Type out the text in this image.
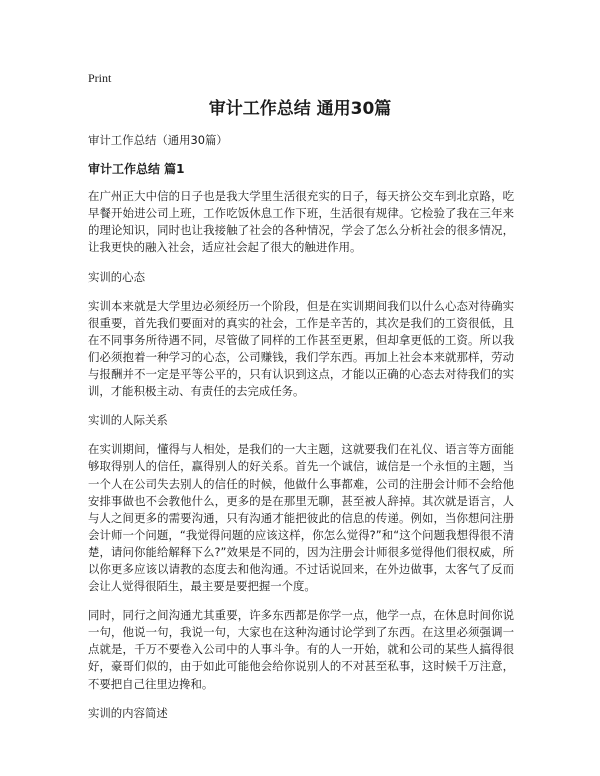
Print
审计工作总结 通用30篇

审计工作总结（通用30篇）

审计工作总结 篇1

在广州正大中信的日子也是我大学里生活很充实的日子，每天挤公交车到北京路，吃早餐开始进公司上班，工作吃饭休息工作下班，生活很有规律。它检验了我在三年来的理论知识，同时也让我接触了社会的各种情况，学会了怎么分析社会的很多情况，让我更快的融入社会，适应社会起了很大的触进作用。

实训的心态

实训本来就是大学里边必须经历一个阶段，但是在实训期间我们以什么心态对待确实很重要，首先我们要面对的真实的社会，工作是辛苦的，其次是我们的工资很低，且在不同事务所待遇不同，尽管做了同样的工作甚至更累，但却拿更低的工资。所以我们必须抱着一种学习的心态，公司赚钱，我们学东西。再加上社会本来就那样，劳动与报酬并不一定是平等公平的，只有认识到这点，才能以正确的心态去对待我们的实训，才能积极主动、有责任的去完成任务。

实训的人际关系

在实训期间，懂得与人相处，是我们的一大主题，这就要我们在礼仪、语言等方面能够取得别人的信任，赢得别人的好关系。首先一个诚信，诚信是一个永恒的主题，当一个人在公司失去别人的信任的时候，他做什么事都难，公司的注册会计师不会给他安排事做也不会教他什么，更多的是在那里无聊，甚至被人辞掉。其次就是语言，人与人之间更多的需要沟通，只有沟通才能把彼此的信息的传递。例如，当你想问注册会计师一个问题，“我觉得问题的应该这样，你怎么觉得?”和“这个问题我想得很不清楚，请问你能给解释下么?”效果是不同的，因为注册会计师很多觉得他们很权威，所以你更多应该以请教的态度去和他沟通。不过话说回来，在外边做事，太客气了反而会让人觉得很陌生，最主要是要把握一个度。

同时，同行之间沟通尤其重要，许多东西都是你学一点，他学一点，在休息时间你说一句，他说一句，我说一句，大家也在这种沟通讨论学到了东西。在这里必须强调一点就是，千万不要卷入公司中的人事斗争。有的人一开始，就和公司的某些人搞得很好，豪哥们似的，由于如此可能他会给你说别人的不对甚至私事，这时候千万注意，不要把自己往里边搀和。

实训的内容简述
